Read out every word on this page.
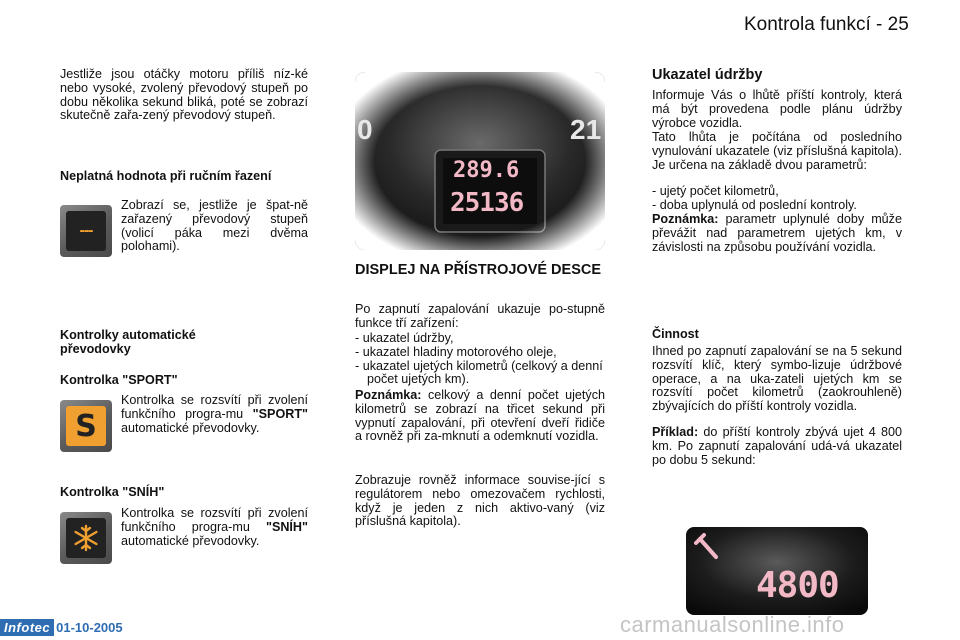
Kontrola funkcí - 25

Jestliže jsou otáčky motoru příliš níz-ké nebo vysoké, zvolený převodový stupeň po dobu několika sekund bliká, poté se zobrazí skutečně zařa-zený převodový stupeň.

Neplatná hodnota při ručním řazení
---
Zobrazí se, jestliže je špat-ně zařazený převodový stupeň (volicí páka mezi dvěma polohami).
Kontrolky automatické převodovky
Kontrolka "SPORT"
S
Kontrolka se rozsvítí při zvolení funkčního progra-mu "SPORT" automatické převodovky.
Kontrolka "SNÍH"
Kontrolka se rozsvítí při zvolení funkčního progra-mu "SNÍH" automatické převodovky.
0	21
289.6
25136
DISPLEJ NA PŘÍSTROJOVÉ DESCE
Po zapnutí zapalování ukazuje po-stupně funkce tří zařízení:

- ukazatel údržby,

- ukazatel hladiny motorového oleje,

- ukazatel ujetých kilometrů (celkový a denní počet ujetých km).

Poznámka: celkový a denní počet ujetých kilometrů se zobrazí na třicet sekund při vypnutí zapalování, při otevření dveří řidiče a rovněž při za-mknutí a odemknutí vozidla.
Zobrazuje rovněž informace souvise-jící s regulátorem nebo omezovačem rychlosti, když je jeden z nich aktivo-vaný (viz příslušná kapitola).
Ukazatel údržby
Informuje Vás o lhůtě příští kontroly, která má být provedena podle plánu údržby výrobce vozidla.
Tato lhůta je počítána od posledního vynulování ukazatele (viz příslušná kapitola). Je určena na základě dvou parametrů:

- ujetý počet kilometrů,

- doba uplynulá od poslední kontroly.

Poznámka: parametr uplynulé doby může převážit nad parametrem ujetých km, v závislosti na způsobu používání vozidla.
Činnost
Ihned po zapnutí zapalování se na 5 sekund rozsvítí klíč, který symbo-lizuje údržbové operace, a na uka-zateli ujetých km se rozsvítí počet kilometrů (zaokrouhleně) zbývajících do příští kontroly vozidla.
Příklad: do příští kontroly zbývá ujet 4 800 km. Po zapnutí zapalování udá-vá ukazatel po dobu 5 sekund:
4800
Infotec 01-10-2005	carmanualsonline.info
